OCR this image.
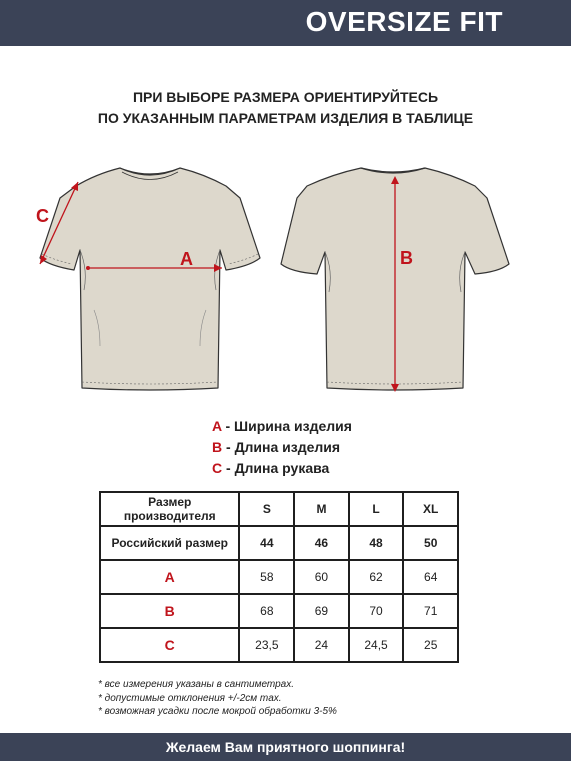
OVERSIZE FIT
ПРИ ВЫБОРЕ РАЗМЕРА ОРИЕНТИРУЙТЕСЬ
ПО УКАЗАННЫМ ПАРАМЕТРАМ ИЗДЕЛИЯ В ТАБЛИЦЕ
A
C
B
A - Ширина изделия
B - Длина изделия
C - Длина рукава
Размер производителя	S	M	L	XL
Российский размер	44	46	48	50
A	58	60	62	64
B	68	69	70	71
C	23,5	24	24,5	25
* все измерения указаны в сантиметрах.
* допустимые отклонения +/-2см max.
* возможная усадки после мокрой обработки 3-5%
Желаем Вам приятного шоппинга!
